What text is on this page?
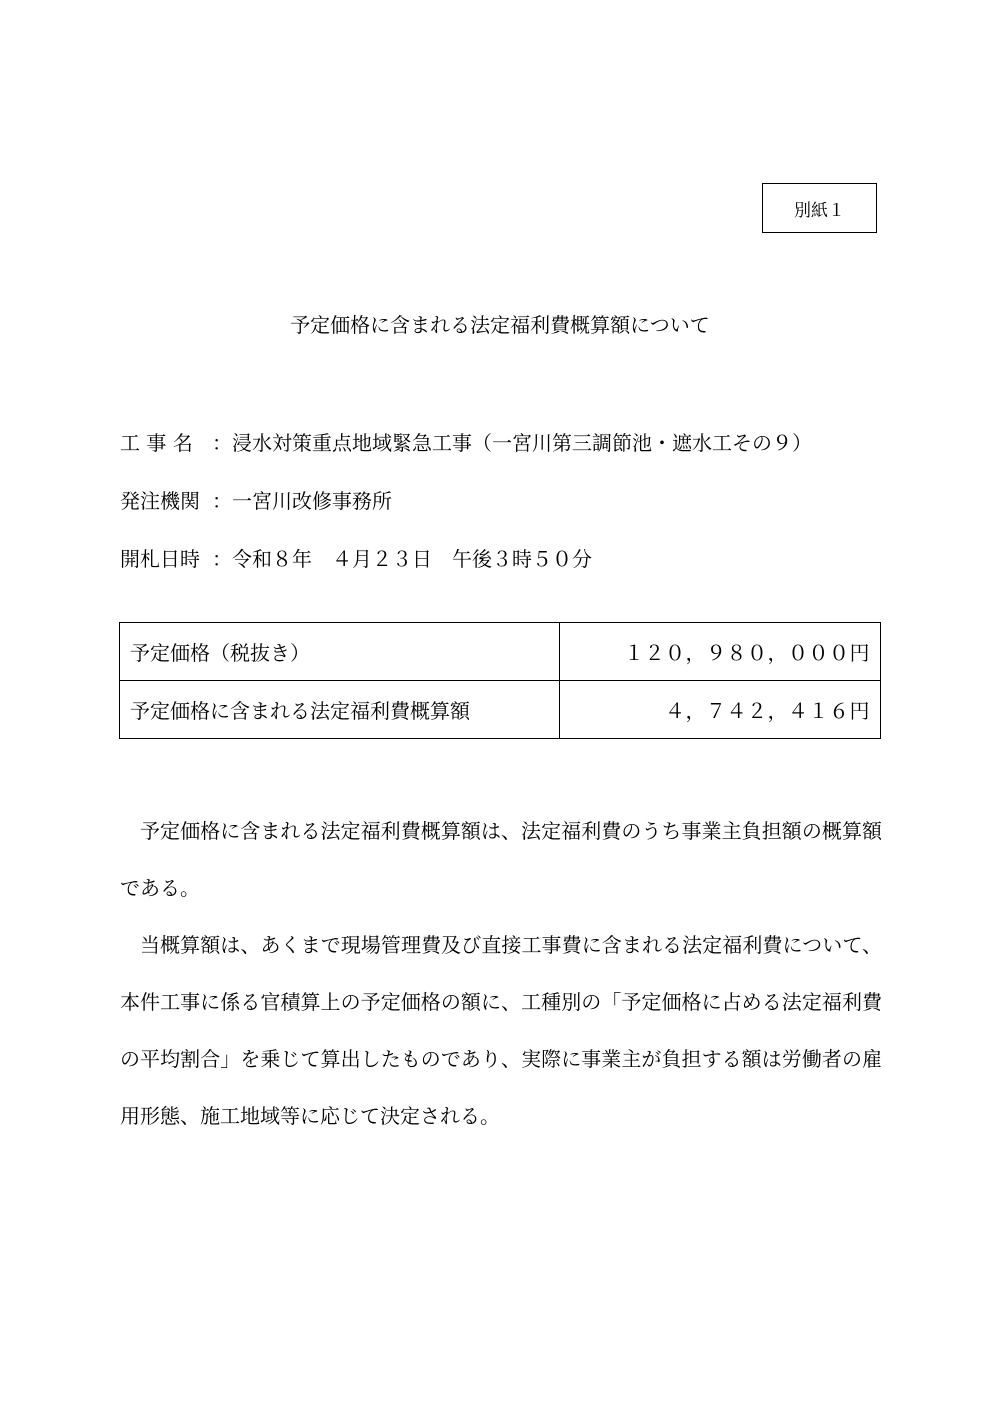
別紙１
予定価格に含まれる法定福利費概算額について
工 事 名 ：浸水対策重点地域緊急工事（一宮川第三調節池・遮水工その９）
発注機関 ：一宮川改修事務所
開札日時 ：令和８年　４月２３日　午後３時５０分
予定価格（税抜き）	１２０，９８０，０００円
予定価格に含まれる法定福利費概算額	４，７４２，４１６円

予定価格に含まれる法定福利費概算額は、法定福利費のうち事業主負担額の概算額である。

当概算額は、あくまで現場管理費及び直接工事費に含まれる法定福利費について、本件工事に係る官積算上の予定価格の額に、工種別の「予定価格に占める法定福利費の平均割合」を乗じて算出したものであり、実際に事業主が負担する額は労働者の雇用形態、施工地域等に応じて決定される。
